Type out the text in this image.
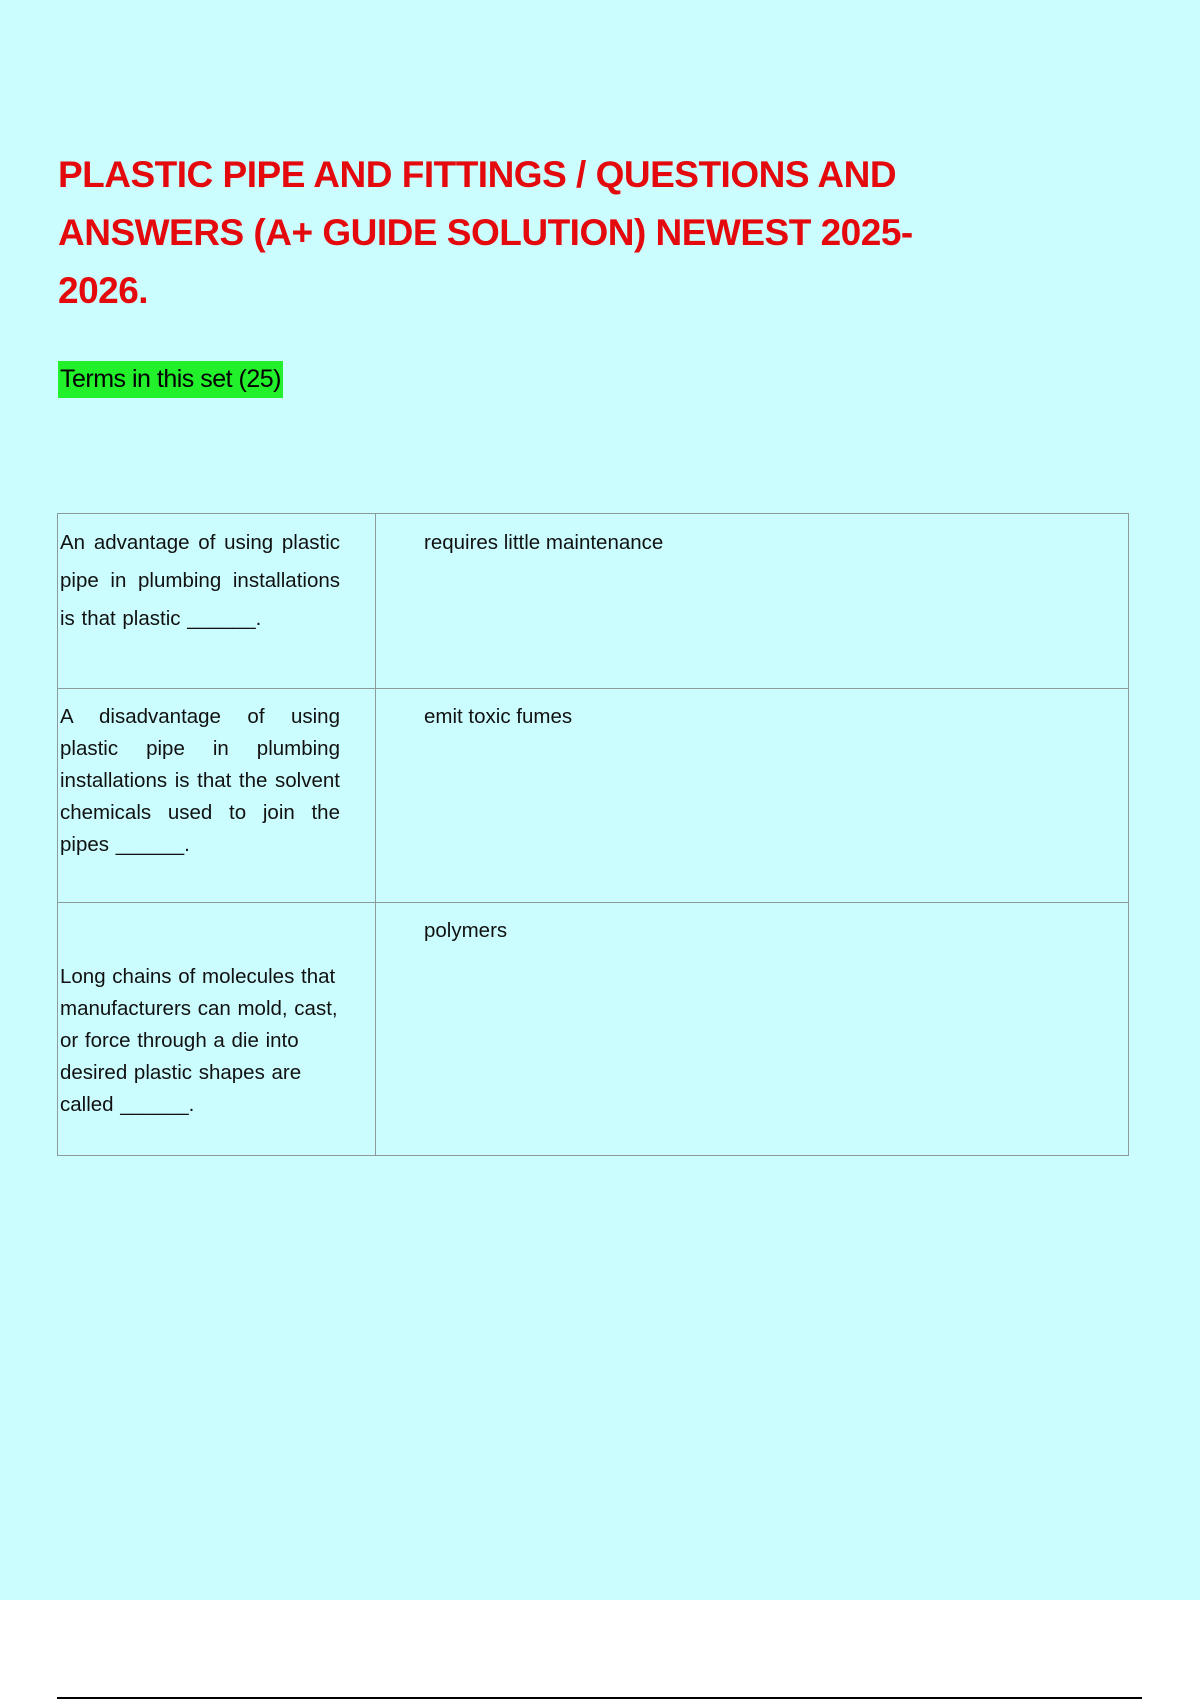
PLASTIC PIPE AND FITTINGS / QUESTIONS AND ANSWERS (A+ GUIDE SOLUTION) NEWEST 2025-2026.
Terms in this set (25)
An advantage of using plastic pipe in plumbing installations is that plastic ______.	requires little maintenance

A disadvantage of using plastic pipe in plumbing installations is that the solvent chemicals used to join the pipes ______.	emit toxic fumes

Long chains of molecules that manufacturers can mold, cast, or force through a die into desired plastic shapes are called ______.	polymers
